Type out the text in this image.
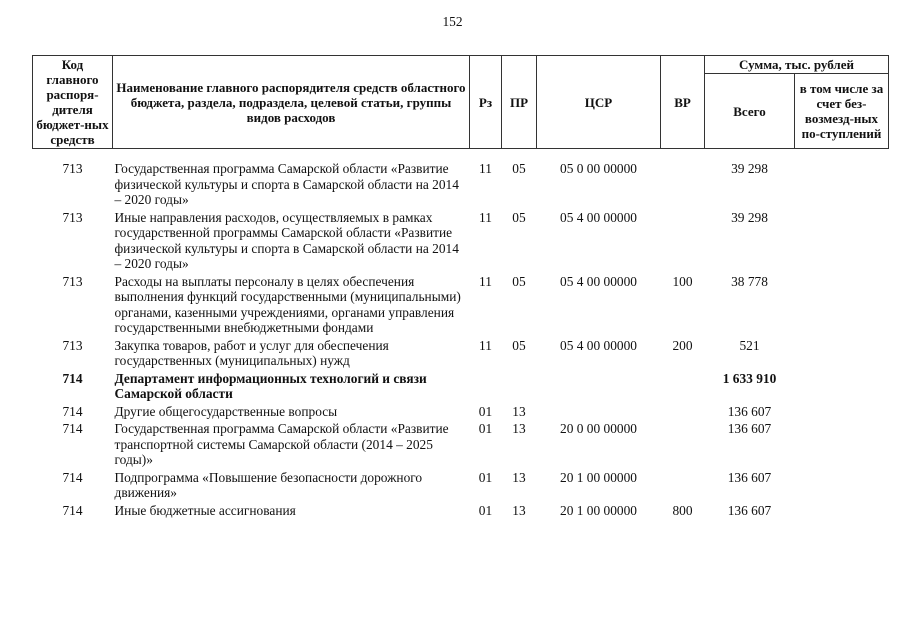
152
Код главного распоря-дителя бюджет-ных средств	Наименование главного распорядителя средств областного бюджета, раздела, подраздела, целевой статьи, группы видов расходов	Рз	ПР	ЦСР	ВР	Сумма, тыс. рублей	
						Всего	в том числе за счет без-возмезд-ных по-ступлений

713	Государственная программа Самарской области «Развитие физической культуры и спорта в Самарской области на 2014 – 2020 годы»	11	05	05 0 00 00000		39 298	
713	Иные направления расходов, осуществляемых в рамках государственной программы Самарской области «Развитие физической культуры и спорта в Самарской области на 2014 – 2020 годы»	11	05	05 4 00 00000		39 298	
713	Расходы на выплаты персоналу в целях обеспечения выполнения функций государственными (муниципальными) органами, казенными учреждениями, органами управления государственными внебюджетными фондами	11	05	05 4 00 00000	100	38 778	
713	Закупка товаров, работ и услуг для обеспечения государственных (муниципальных) нужд	11	05	05 4 00 00000	200	521	
714	Департамент информационных технологий и связи Самарской области					1 633 910	
714	Другие общегосударственные вопросы	01	13			136 607	
714	Государственная программа Самарской области «Развитие транспортной системы Самарской области (2014 – 2025 годы)»	01	13	20 0 00 00000		136 607	
714	Подпрограмма «Повышение безопасности дорожного движения»	01	13	20 1 00 00000		136 607	
714	Иные бюджетные ассигнования	01	13	20 1 00 00000	800	136 607	
